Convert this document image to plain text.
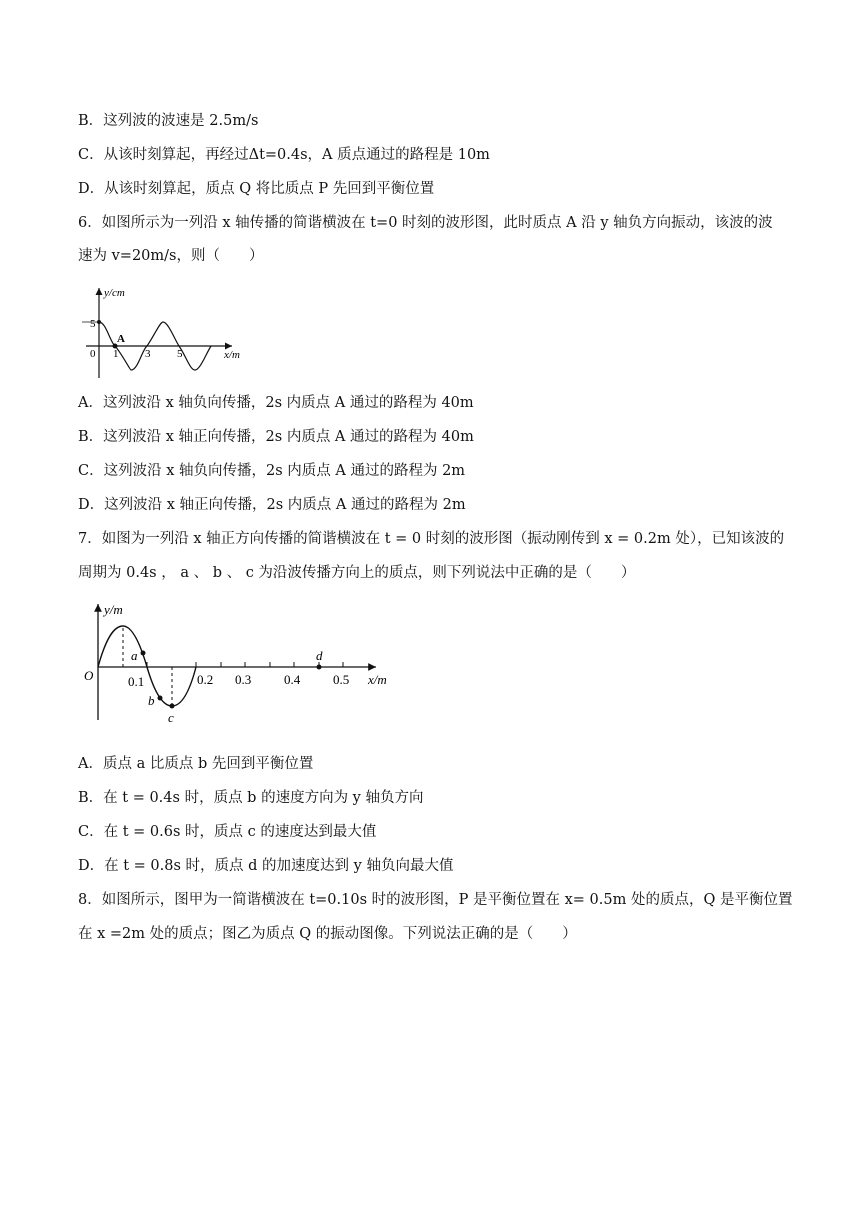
B．这列波的波速是 2.5m/s
C．从该时刻算起，再经过Δt=0.4s，A 质点通过的路程是 10m
D．从该时刻算起，质点 Q 将比质点 P 先回到平衡位置
6．如图所示为一列沿 x 轴传播的简谐横波在 t=0 时刻的波形图，此时质点 A 沿 y 轴负方向振动，该波的波
速为 v=20m/s，则（　　）
y/cm
x/m
5
0 1 3 5
A
A．这列波沿 x 轴负向传播，2s 内质点 A 通过的路程为 40m
B．这列波沿 x 轴正向传播，2s 内质点 A 通过的路程为 40m
C．这列波沿 x 轴负向传播，2s 内质点 A 通过的路程为 2m
D．这列波沿 x 轴正向传播，2s 内质点 A 通过的路程为 2m
7．如图为一列沿 x 轴正方向传播的简谐横波在 t = 0 时刻的波形图（振动刚传到 x = 0.2m 处），已知该波的
周期为 0.4s ， a 、 b 、 c 为沿波传播方向上的质点，则下列说法中正确的是（　　）
a
b
c
d
y/m
x/m
O	0.1	0.2 0.3	0.4	0.5
A．质点 a 比质点 b 先回到平衡位置
B．在 t = 0.4s 时，质点 b 的速度方向为 y 轴负方向
C．在 t = 0.6s 时，质点 c 的速度达到最大值
D．在 t = 0.8s 时，质点 d 的加速度达到 y 轴负向最大值
8．如图所示，图甲为一简谐横波在 t=0.10s 时的波形图，P 是平衡位置在 x= 0.5m 处的质点，Q 是平衡位置
在 x =2m 处的质点；图乙为质点 Q 的振动图像。下列说法正确的是（　　）
